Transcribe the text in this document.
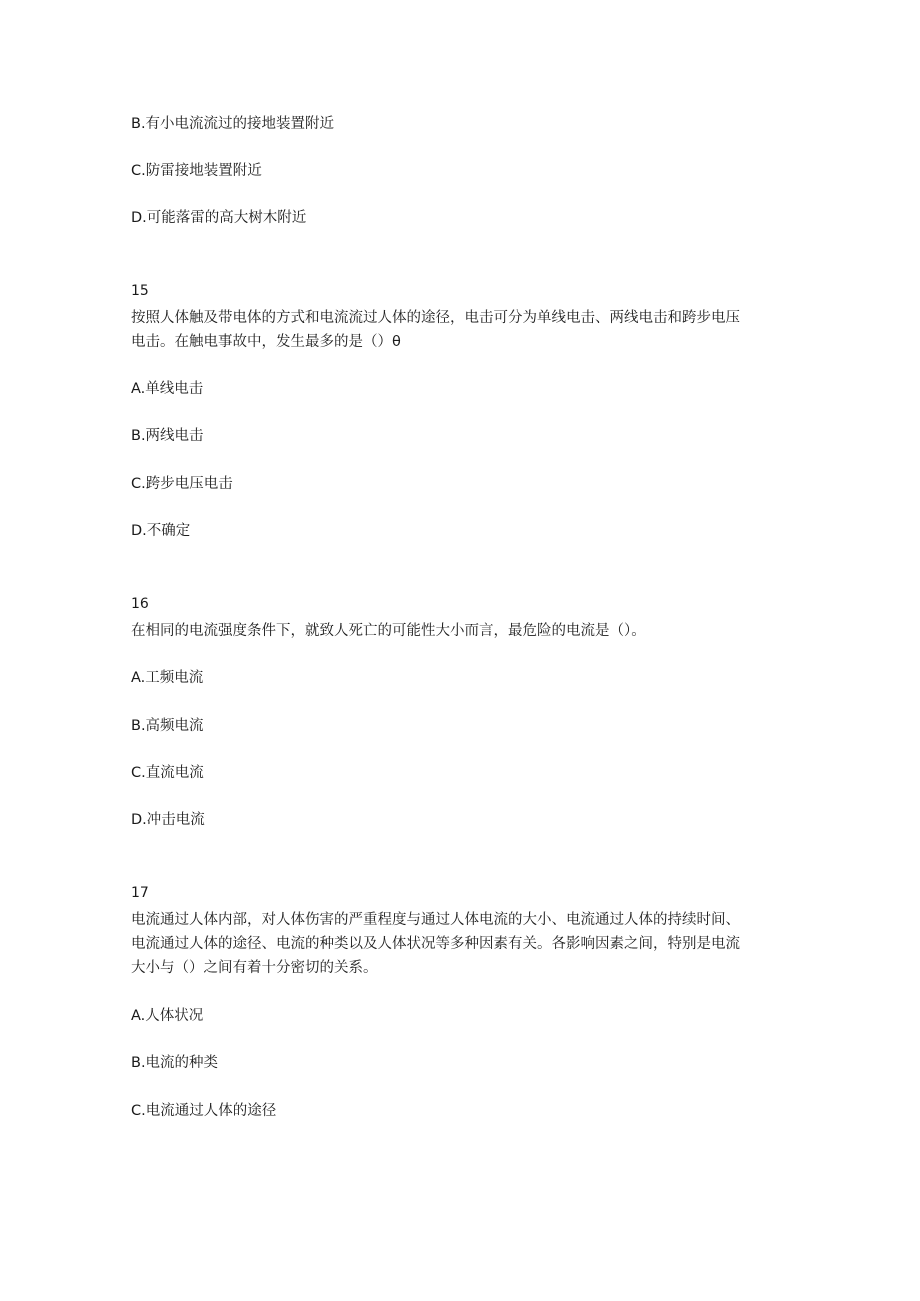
B.有小电流流过的接地装置附近
C.防雷接地装置附近
D.可能落雷的高大树木附近
15
按照人体触及带电体的方式和电流流过人体的途径，电击可分为单线电击、两线电击和跨步电压
电击。在触电事故中，发生最多的是（）θ
A.单线电击
B.两线电击
C.跨步电压电击
D.不确定
16
在相同的电流强度条件下，就致人死亡的可能性大小而言，最危险的电流是（）。
A.工频电流
B.高频电流
C.直流电流
D.冲击电流
17
电流通过人体内部，对人体伤害的严重程度与通过人体电流的大小、电流通过人体的持续时间、
电流通过人体的途径、电流的种类以及人体状况等多种因素有关。各影响因素之间，特别是电流
大小与（）之间有着十分密切的关系。
A.人体状况
B.电流的种类
C.电流通过人体的途径
